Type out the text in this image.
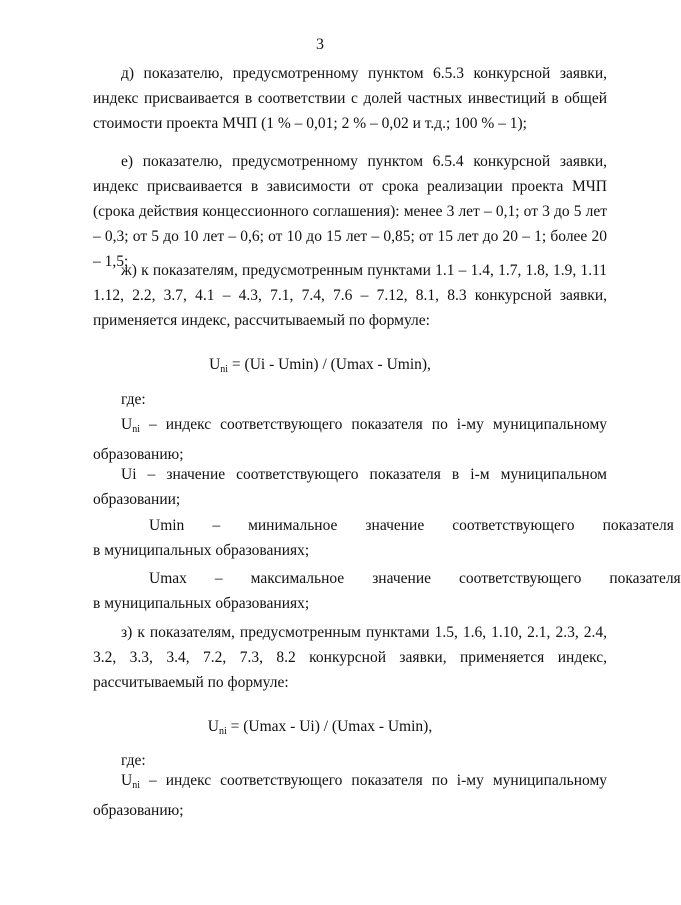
3

д) показателю, предусмотренному пунктом 6.5.3 конкурсной заявки, индекс присваивается в соответствии с долей частных инвестиций в общей стоимости проекта МЧП (1 % – 0,01; 2 % – 0,02 и т.д.; 100 % – 1);

е) показателю, предусмотренному пунктом 6.5.4 конкурсной заявки, индекс присваивается в зависимости от срока реализации проекта МЧП (срока действия концессионного соглашения): менее 3 лет – 0,1; от 3 до 5 лет – 0,3; от 5 до 10 лет – 0,6; от 10 до 15 лет – 0,85; от 15 лет до 20 – 1; более 20 – 1,5;

ж) к показателям, предусмотренным пунктами 1.1 – 1.4, 1.7, 1.8, 1.9, 1.11 1.12, 2.2, 3.7, 4.1 – 4.3, 7.1, 7.4, 7.6 – 7.12, 8.1, 8.3 конкурсной заявки, применяется индекс, рассчитываемый по формуле:

$U_{ni} = (Ui - Umin) / (Umax - Umin)$,
где:

$U_{ni}$ – индекс соответствующего показателя по i-му муниципальному образованию;

Ui – значение соответствующего показателя в i-м муниципальном образовании;

Umin	–	минимальное	значение	соответствующего	показателя
в муниципальных образованиях;
Umax	–	максимальное	значение	соответствующего	показателя
в муниципальных образованиях;

з) к показателям, предусмотренным пунктами 1.5, 1.6, 1.10, 2.1, 2.3, 2.4, 3.2, 3.3, 3.4, 7.2, 7.3, 8.2 конкурсной заявки, применяется индекс, рассчитываемый по формуле:

$U_{ni} = (Umax - Ui) / (Umax - Umin)$,
где:

$U_{ni}$ – индекс соответствующего показателя по i-му муниципальному образованию;
